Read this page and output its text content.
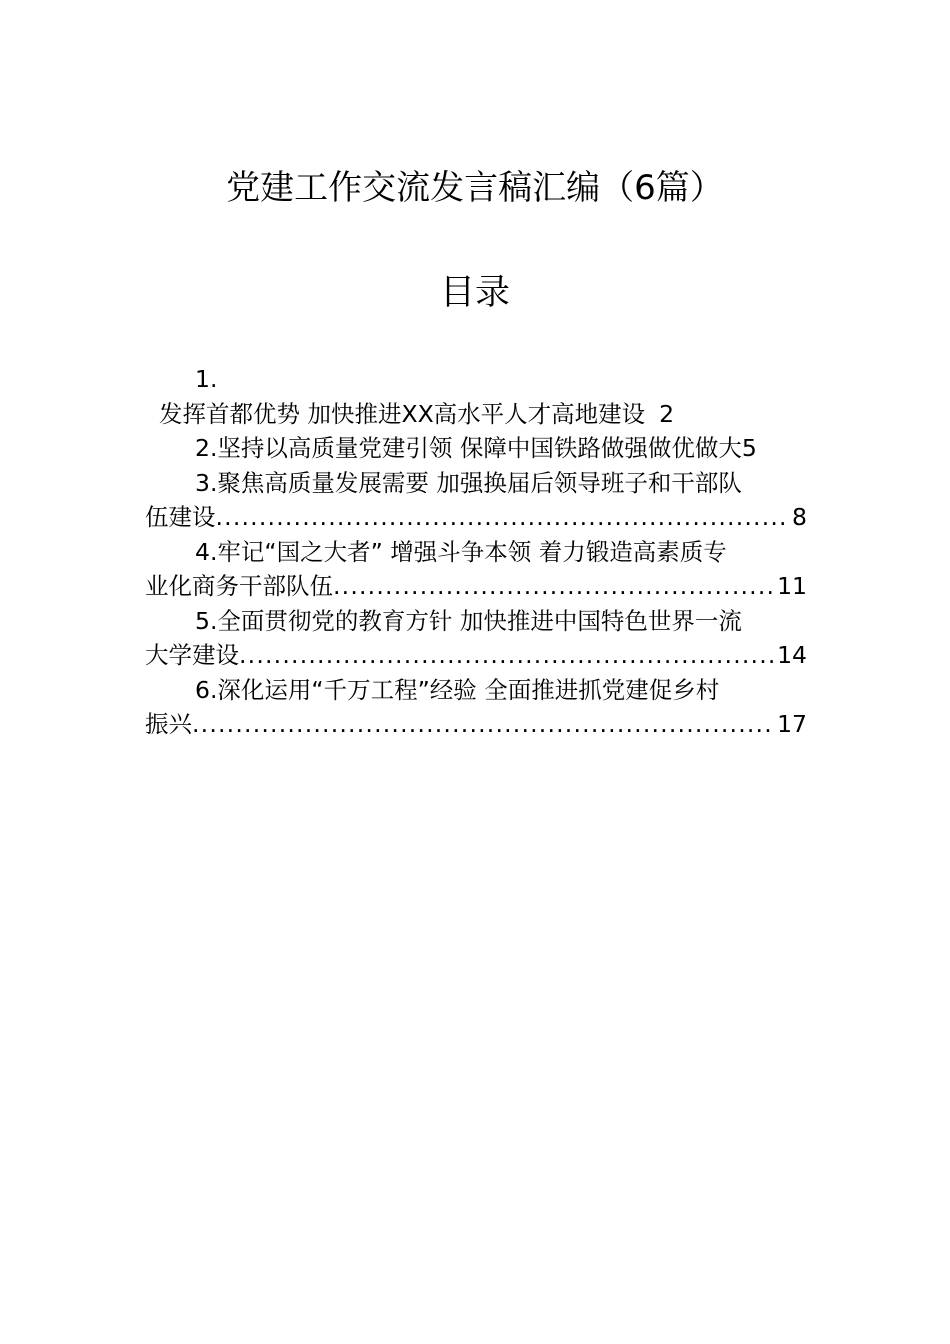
党建工作交流发言稿汇编（6篇）
目录
1.
发挥首都优势 加快推进XX高水平人才高地建设 2
2.坚持以高质量党建引领 保障中国铁路做强做优做大5
3.聚焦高质量发展需要 加强换届后领导班子和干部队
伍建设 .....	8
4.牢记“国之大者” 增强斗争本领 着力锻造高素质专
业化商务干部队伍 .....	11
5.全面贯彻党的教育方针 加快推进中国特色世界一流
大学建设 .....	14
6.深化运用“千万工程”经验 全面推进抓党建促乡村
振兴 .....	17
